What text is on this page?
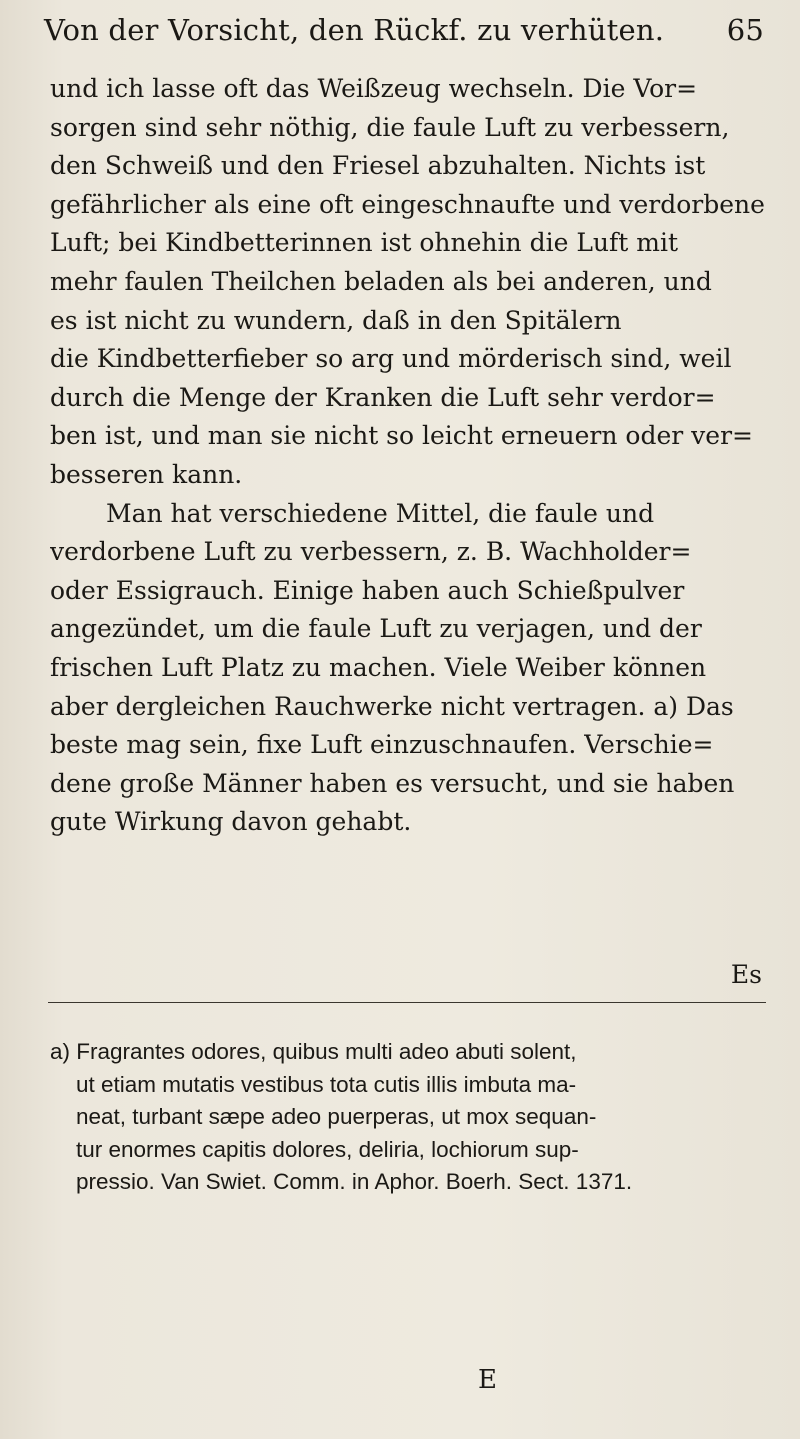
Von der Vorsicht, den Rückf. zu verhüten. 65
und ich lasse oft das Weißzeug wechseln. Die Vor=
sorgen sind sehr nöthig, die faule Luft zu verbessern,
den Schweiß und den Friesel abzuhalten. Nichts ist
gefährlicher als eine oft eingeschnaufte und verdorbene
Luft; bei Kindbetterinnen ist ohnehin die Luft mit
mehr faulen Theilchen beladen als bei anderen, und
es ist nicht zu wundern, daß in den Spitälern
die Kindbetterfieber so arg und mörderisch sind, weil
durch die Menge der Kranken die Luft sehr verdor=
ben ist, und man sie nicht so leicht erneuern oder ver=
besseren kann.
Man hat verschiedene Mittel, die faule und
verdorbene Luft zu verbessern, z. B. Wachholder=
oder Essigrauch. Einige haben auch Schießpulver
angezündet, um die faule Luft zu verjagen, und der
frischen Luft Platz zu machen. Viele Weiber können
aber dergleichen Rauchwerke nicht vertragen. a) Das
beste mag sein, fixe Luft einzuschnaufen. Verschie=
dene große Männer haben es versucht, und sie haben
gute Wirkung davon gehabt.
Es
a) Fragrantes odores, quibus multi adeo abuti solent,
ut etiam mutatis vestibus tota cutis illis imbuta ma-
neat, turbant sæpe adeo puerperas, ut mox sequan-
tur enormes capitis dolores, deliria, lochiorum sup-
pressio. Van Swiet. Comm. in Aphor. Boerh. Sect. 1371.
E
